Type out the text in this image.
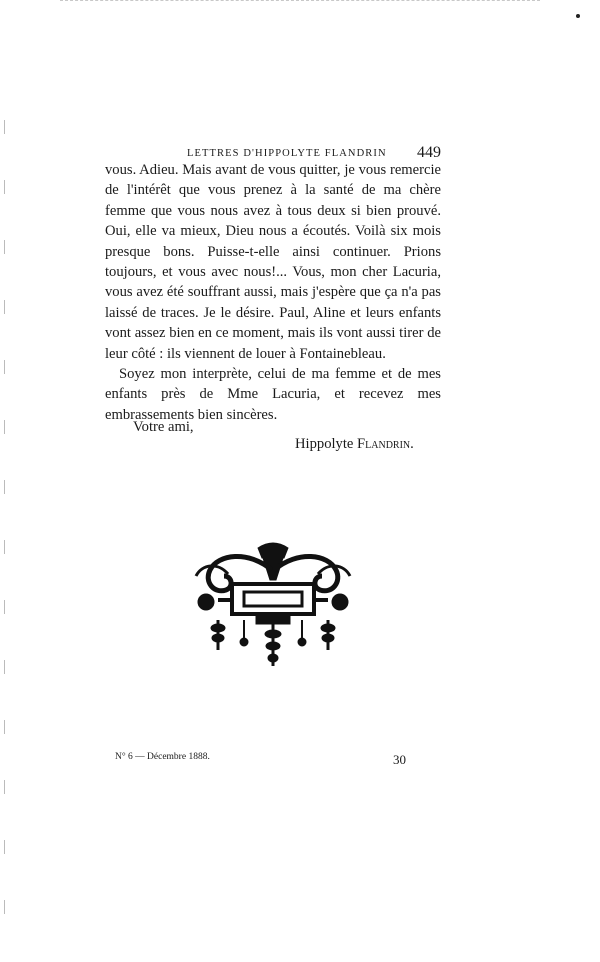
LETTRES D'HIPPOLYTE FLANDRIN 449

vous. Adieu. Mais avant de vous quitter, je vous remercie de l'intérêt que vous prenez à la santé de ma chère femme que vous nous avez à tous deux si bien prouvé. Oui, elle va mieux, Dieu nous a écoutés. Voilà six mois presque bons. Puisse-t-elle ainsi continuer. Prions toujours, et vous avec nous!... Vous, mon cher Lacuria, vous avez été souffrant aussi, mais j'espère que ça n'a pas laissé de traces. Je le désire. Paul, Aline et leurs enfants vont assez bien en ce moment, mais ils vont aussi tirer de leur côté : ils viennent de louer à Fontainebleau.

Soyez mon interprète, celui de ma femme et de mes enfants près de Mme Lacuria, et recevez mes embrassements bien sincères.

Votre ami,
Hippolyte Flandrin.
N° 6 — Décembre 1888.	30
